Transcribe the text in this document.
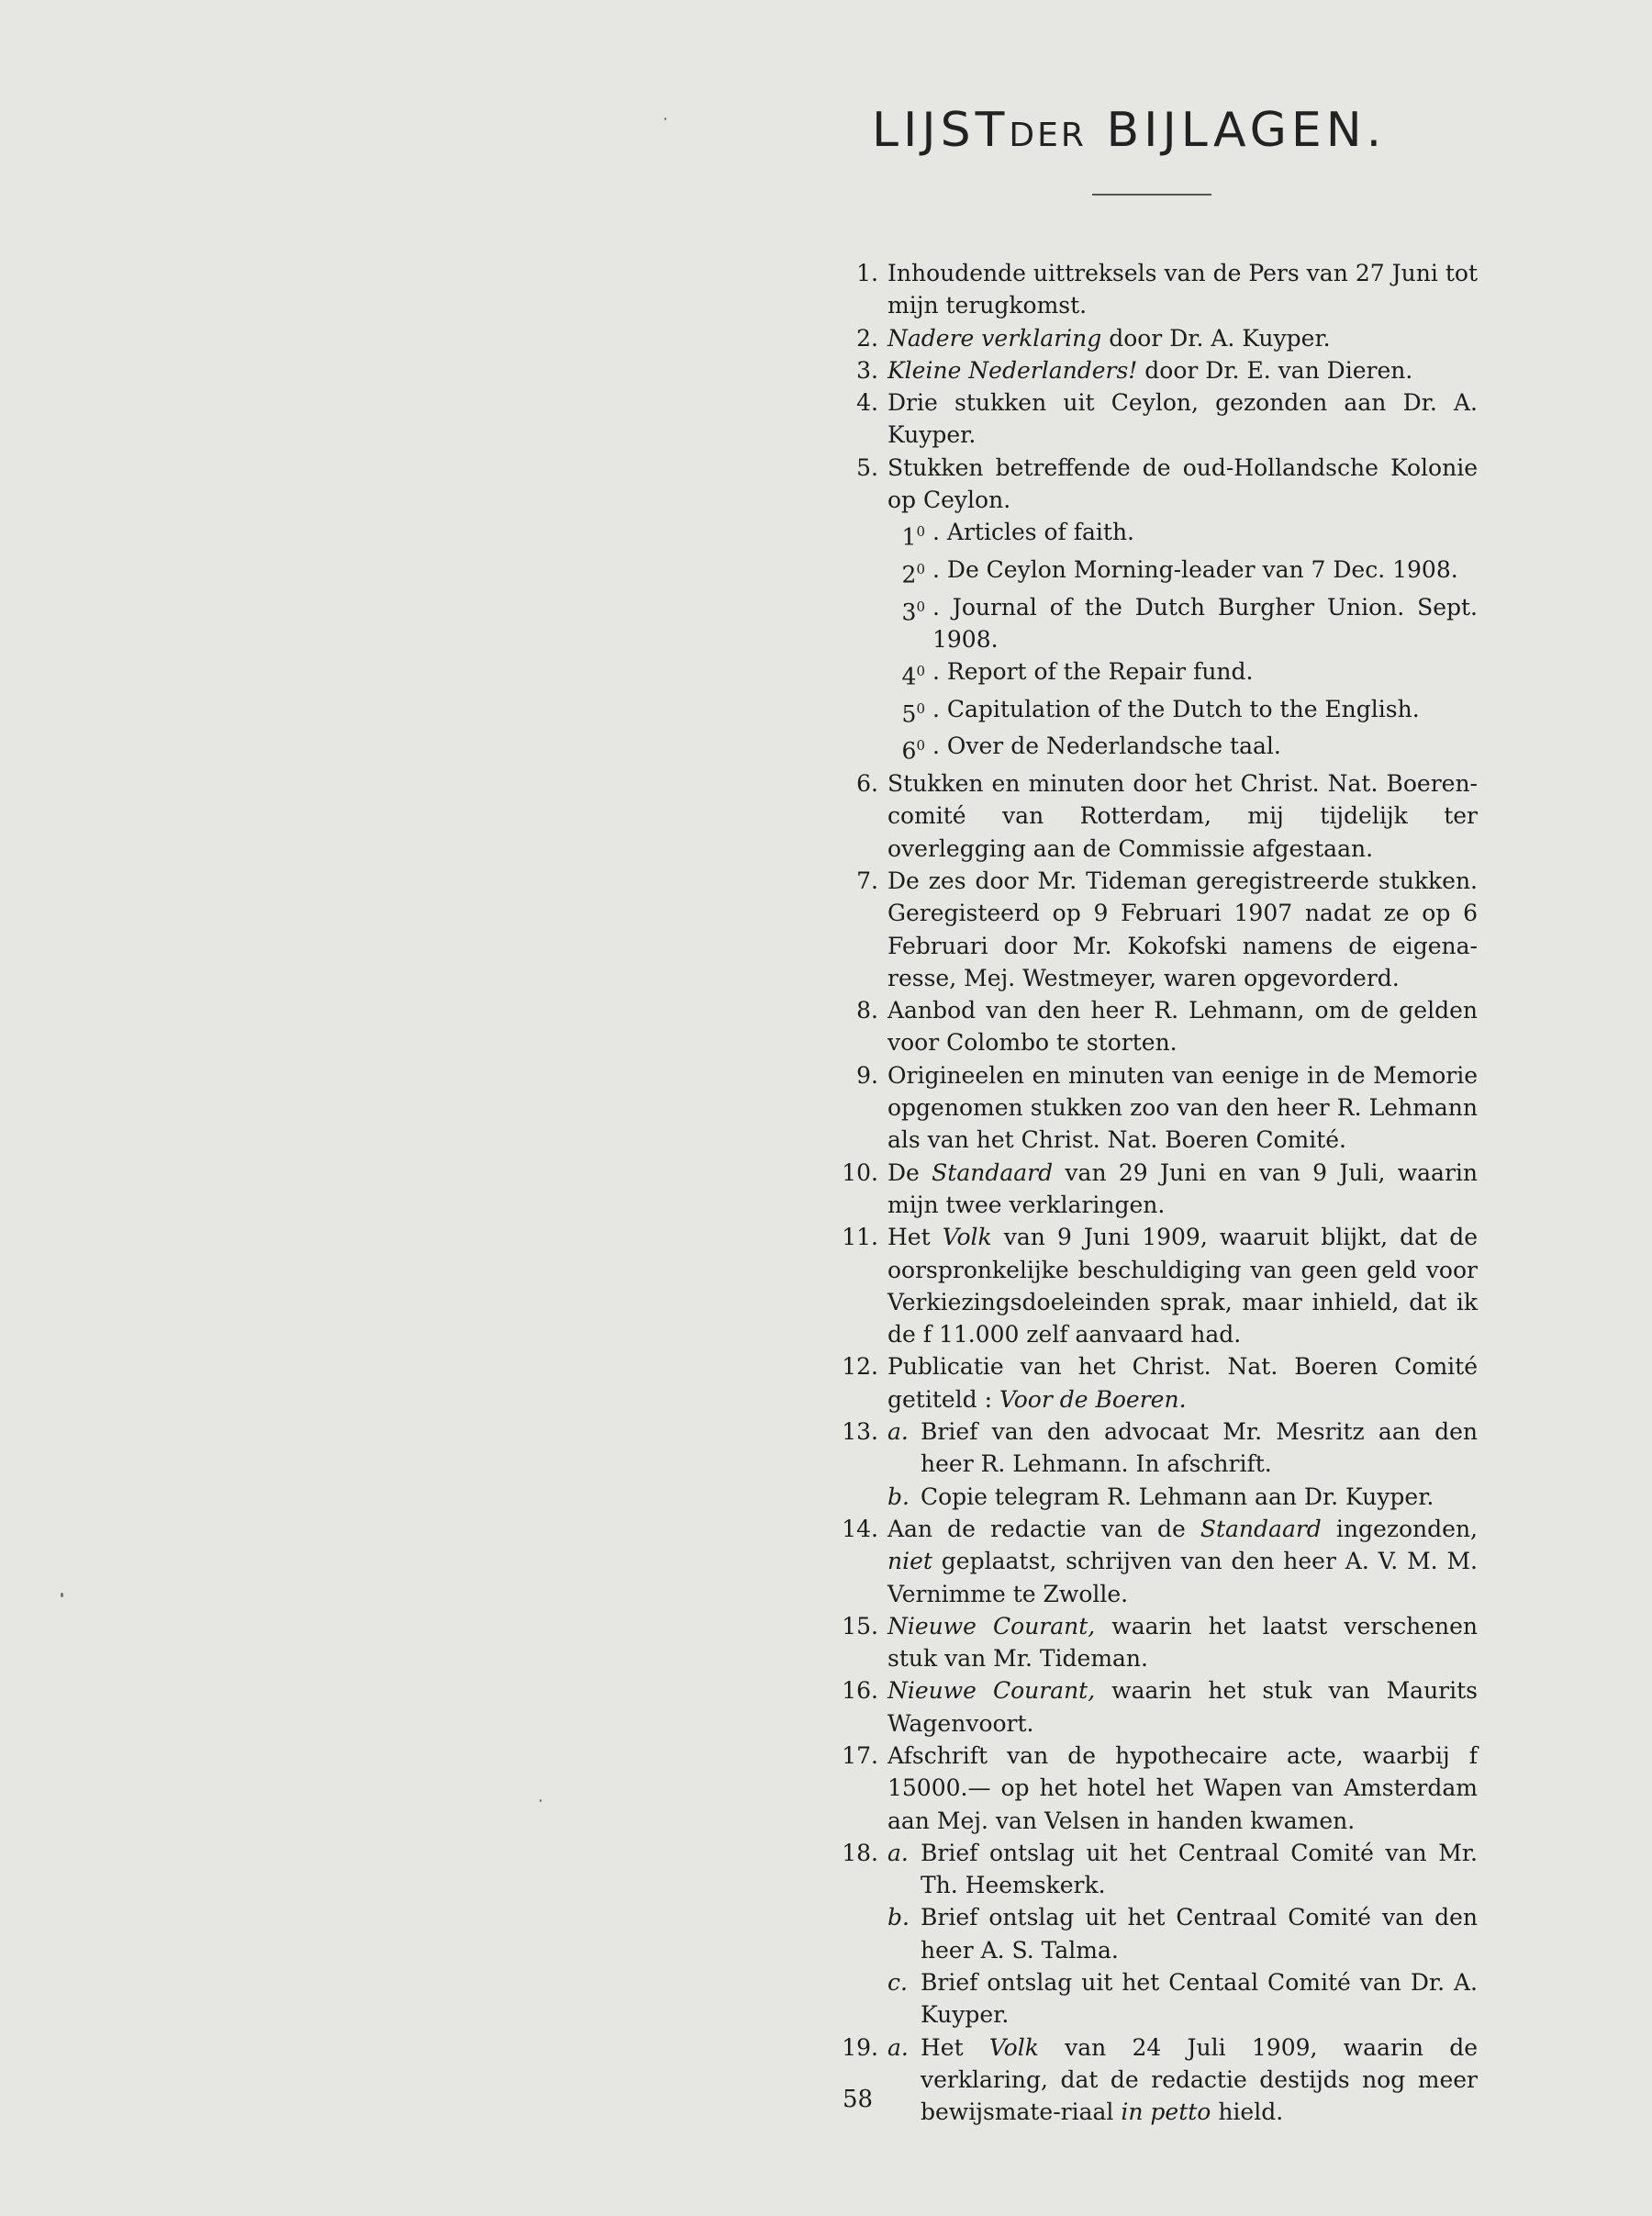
LIJSTDER BIJLAGEN.
1. Inhoudende uittreksels van de Pers van 27 Juni tot mijn terugkomst.
2. Nadere verklaring door Dr. A. Kuyper.
3. Kleine Nederlanders! door Dr. E. van Dieren.
4. Drie stukken uit Ceylon, gezonden aan Dr. A. Kuyper.
5. Stukken betreffende de oud-Hollandsche Kolonie op Ceylon.
$1^0$ . Articles of faith.
$2^0$ . De Ceylon Morning-leader van 7 Dec. 1908.
$3^0$ . Journal of the Dutch Burgher Union. Sept. 1908.
$4^0$ . Report of the Repair fund.
$5^0$ . Capitulation of the Dutch to the English.
$6^0$ . Over de Nederlandsche taal.
6. Stukken en minuten door het Christ. Nat. Boeren-comité van Rotterdam, mij tijdelijk ter overlegging aan de Commissie afgestaan.
7. De zes door Mr. Tideman geregistreerde stukken. Geregisteerd op 9 Februari 1907 nadat ze op 6 Februari door Mr. Kokofski namens de eigena-resse, Mej. Westmeyer, waren opgevorderd.
8. Aanbod van den heer R. Lehmann, om de gelden voor Colombo te storten.
9. Origineelen en minuten van eenige in de Memorie opgenomen stukken zoo van den heer R. Lehmann als van het Christ. Nat. Boeren Comité.
10. De Standaard van 29 Juni en van 9 Juli, waarin mijn twee verklaringen.
11. Het Volk van 9 Juni 1909, waaruit blijkt, dat de oorspronkelijke beschuldiging van geen geld voor Verkiezingsdoeleinden sprak, maar inhield, dat ik de f 11.000 zelf aanvaard had.
12. Publicatie van het Christ. Nat. Boeren Comité getiteld : Voor de Boeren.
13. a. Brief van den advocaat Mr. Mesritz aan den heer R. Lehmann. In afschrift.
b. Copie telegram R. Lehmann aan Dr. Kuyper.
14. Aan de redactie van de Standaard ingezonden, niet geplaatst, schrijven van den heer A. V. M. M. Vernimme te Zwolle.
15. Nieuwe Courant, waarin het laatst verschenen stuk van Mr. Tideman.
16. Nieuwe Courant, waarin het stuk van Maurits Wagenvoort.
17. Afschrift van de hypothecaire acte, waarbij f 15000.— op het hotel het Wapen van Amsterdam aan Mej. van Velsen in handen kwamen.
18. a. Brief ontslag uit het Centraal Comité van Mr. Th. Heemskerk.
b. Brief ontslag uit het Centraal Comité van den heer A. S. Talma.
c. Brief ontslag uit het Centaal Comité van Dr. A. Kuyper.
19. a. Het Volk van 24 Juli 1909, waarin de verklaring, dat de redactie destijds nog meer bewijsmate-riaal in petto hield.
58
